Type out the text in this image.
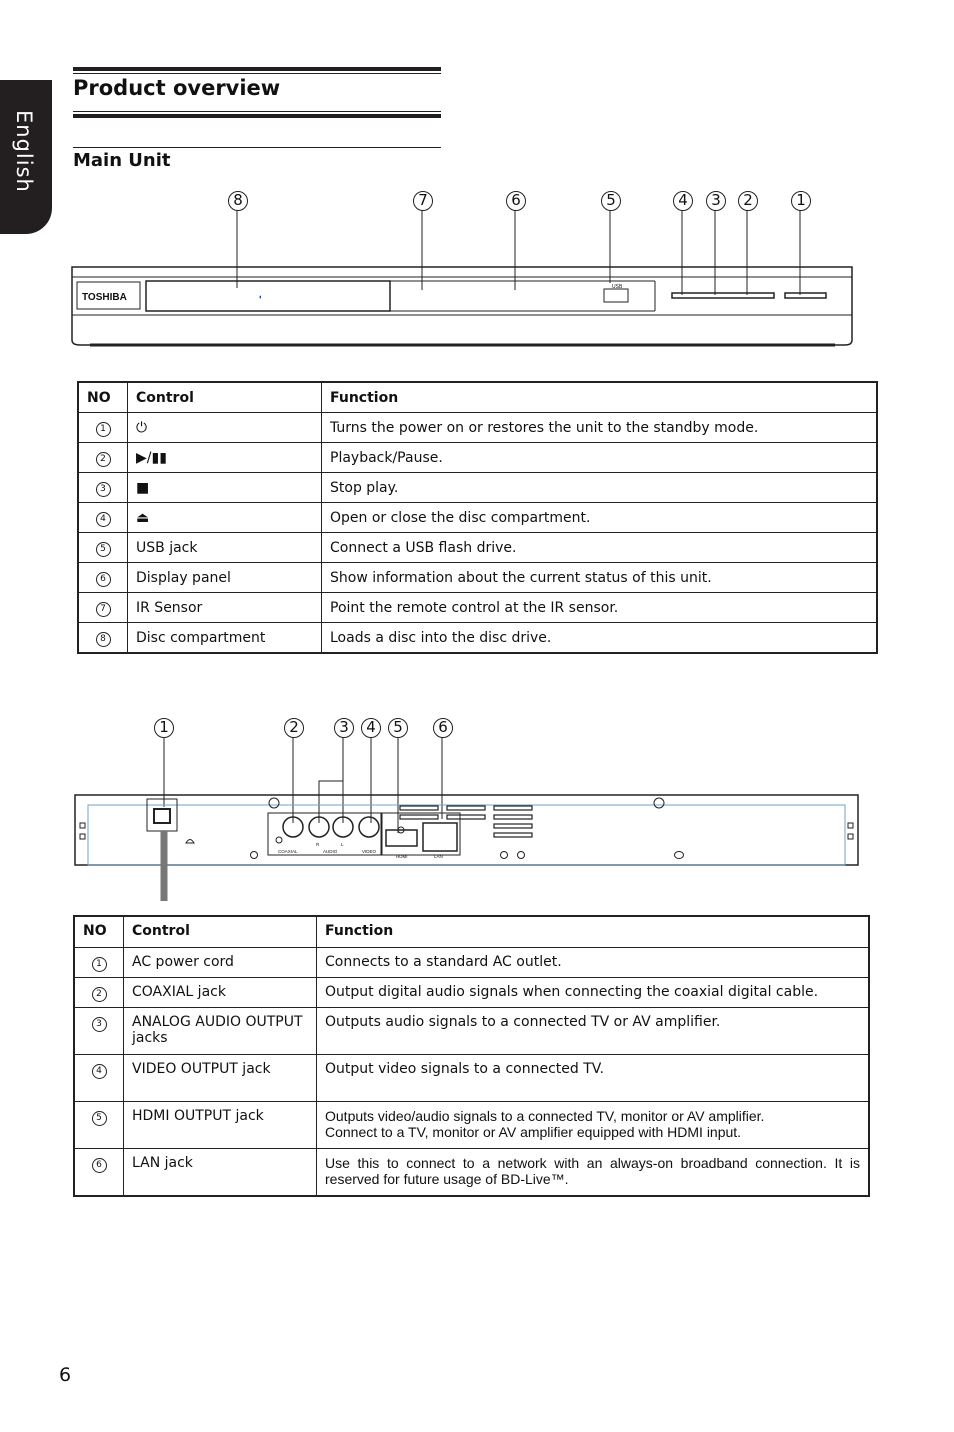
English
Product overview
Main Unit
TOSHIBA
USB
◖
8	7	6	5	4	3	2	1
NO	Control	Function
1	⏻	Turns the power on or restores the unit to the standby mode.
2	▶/▮▮	Playback/Pause.
3	■	Stop play.
4	⏏	Open or close the disc compartment.
5	USB jack	Connect a USB flash drive.
6	Display panel	Show information about the current status of this unit.
7	IR Sensor	Point the remote control at the IR sensor.
8	Disc compartment	Loads a disc into the disc drive.
COAXIAL
R	L
AUDIO	VIDEO
HDMI	LAN
1	2	3	4	5	6
NO	Control	Function
1	AC power cord	Connects to a standard AC outlet.
2	COAXIAL jack	Output digital audio signals when connecting the coaxial digital cable.
3	ANALOG AUDIO OUTPUT jacks	Outputs audio signals to a connected TV or AV amplifier.
4	VIDEO OUTPUT jack	Output video signals to a connected TV.
5	HDMI OUTPUT jack	Outputs video/audio signals to a connected TV, monitor or AV amplifier.
Connect to a TV, monitor or AV amplifier equipped with HDMI input.

6	LAN jack	Use this to connect to a network with an always-on broadband connection. It is reserved for future usage of BD-Live™.
6
